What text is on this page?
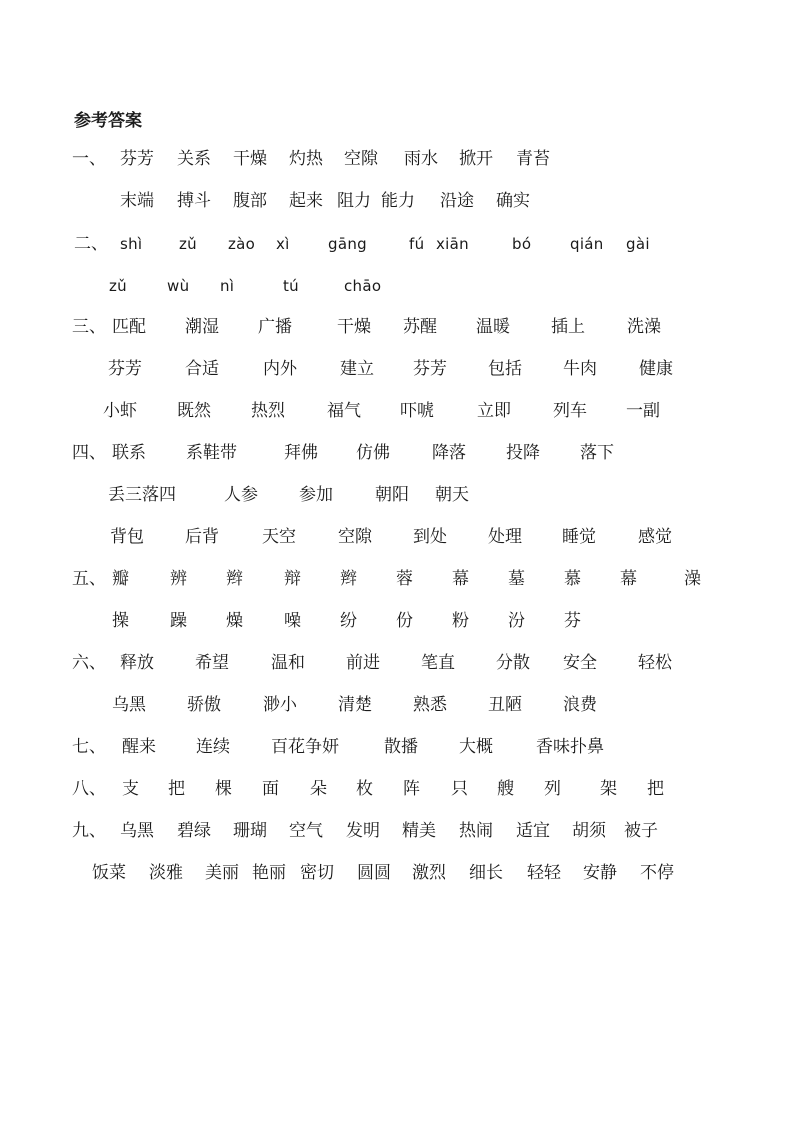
参考答案
一、 芬芳 关系 干燥 灼热 空隙 雨水 掀开 青苔
末端 搏斗 腹部 起来 阻力 能力 沿途 确实
二、 shì zǔ zào xì	gāng	fú xiān	bó	qián gài
zǔ	wù nì	tú	chāo
三、 匹配 潮湿 广播	干燥 苏醒 温暖 插上 洗澡
芬芳	合适	内外	建立 芬芳 包括 牛肉 健康
小虾 既然 热烈 福气 吓唬	立即 列车 一副
四、 联系 系鞋带	拜佛 仿佛 降落 投降 落下
丢三落四	人参 参加 朝阳 朝天
背包 后背	天空 空隙 到处 处理 睡觉 感觉
五、 瓣 辨 辫 辩 辫 蓉 幕 墓 慕 幕	澡
操 躁 燥 噪 纷 份 粉 汾 芬
六、 释放 希望 温和 前进 笔直 分散 安全 轻松
乌黑 骄傲 渺小 清楚 熟悉 丑陋 浪费
七、 醒来 连续 百花争妍	散播 大概	香味扑鼻
八、 支 把 棵 面 朵 枚 阵 只 艘 列 架 把
九、 乌黑 碧绿 珊瑚 空气 发明 精美 热闹 适宜 胡须 被子
饭菜 淡雅 美丽 艳丽 密切 圆圆 激烈 细长 轻轻 安静 不停
